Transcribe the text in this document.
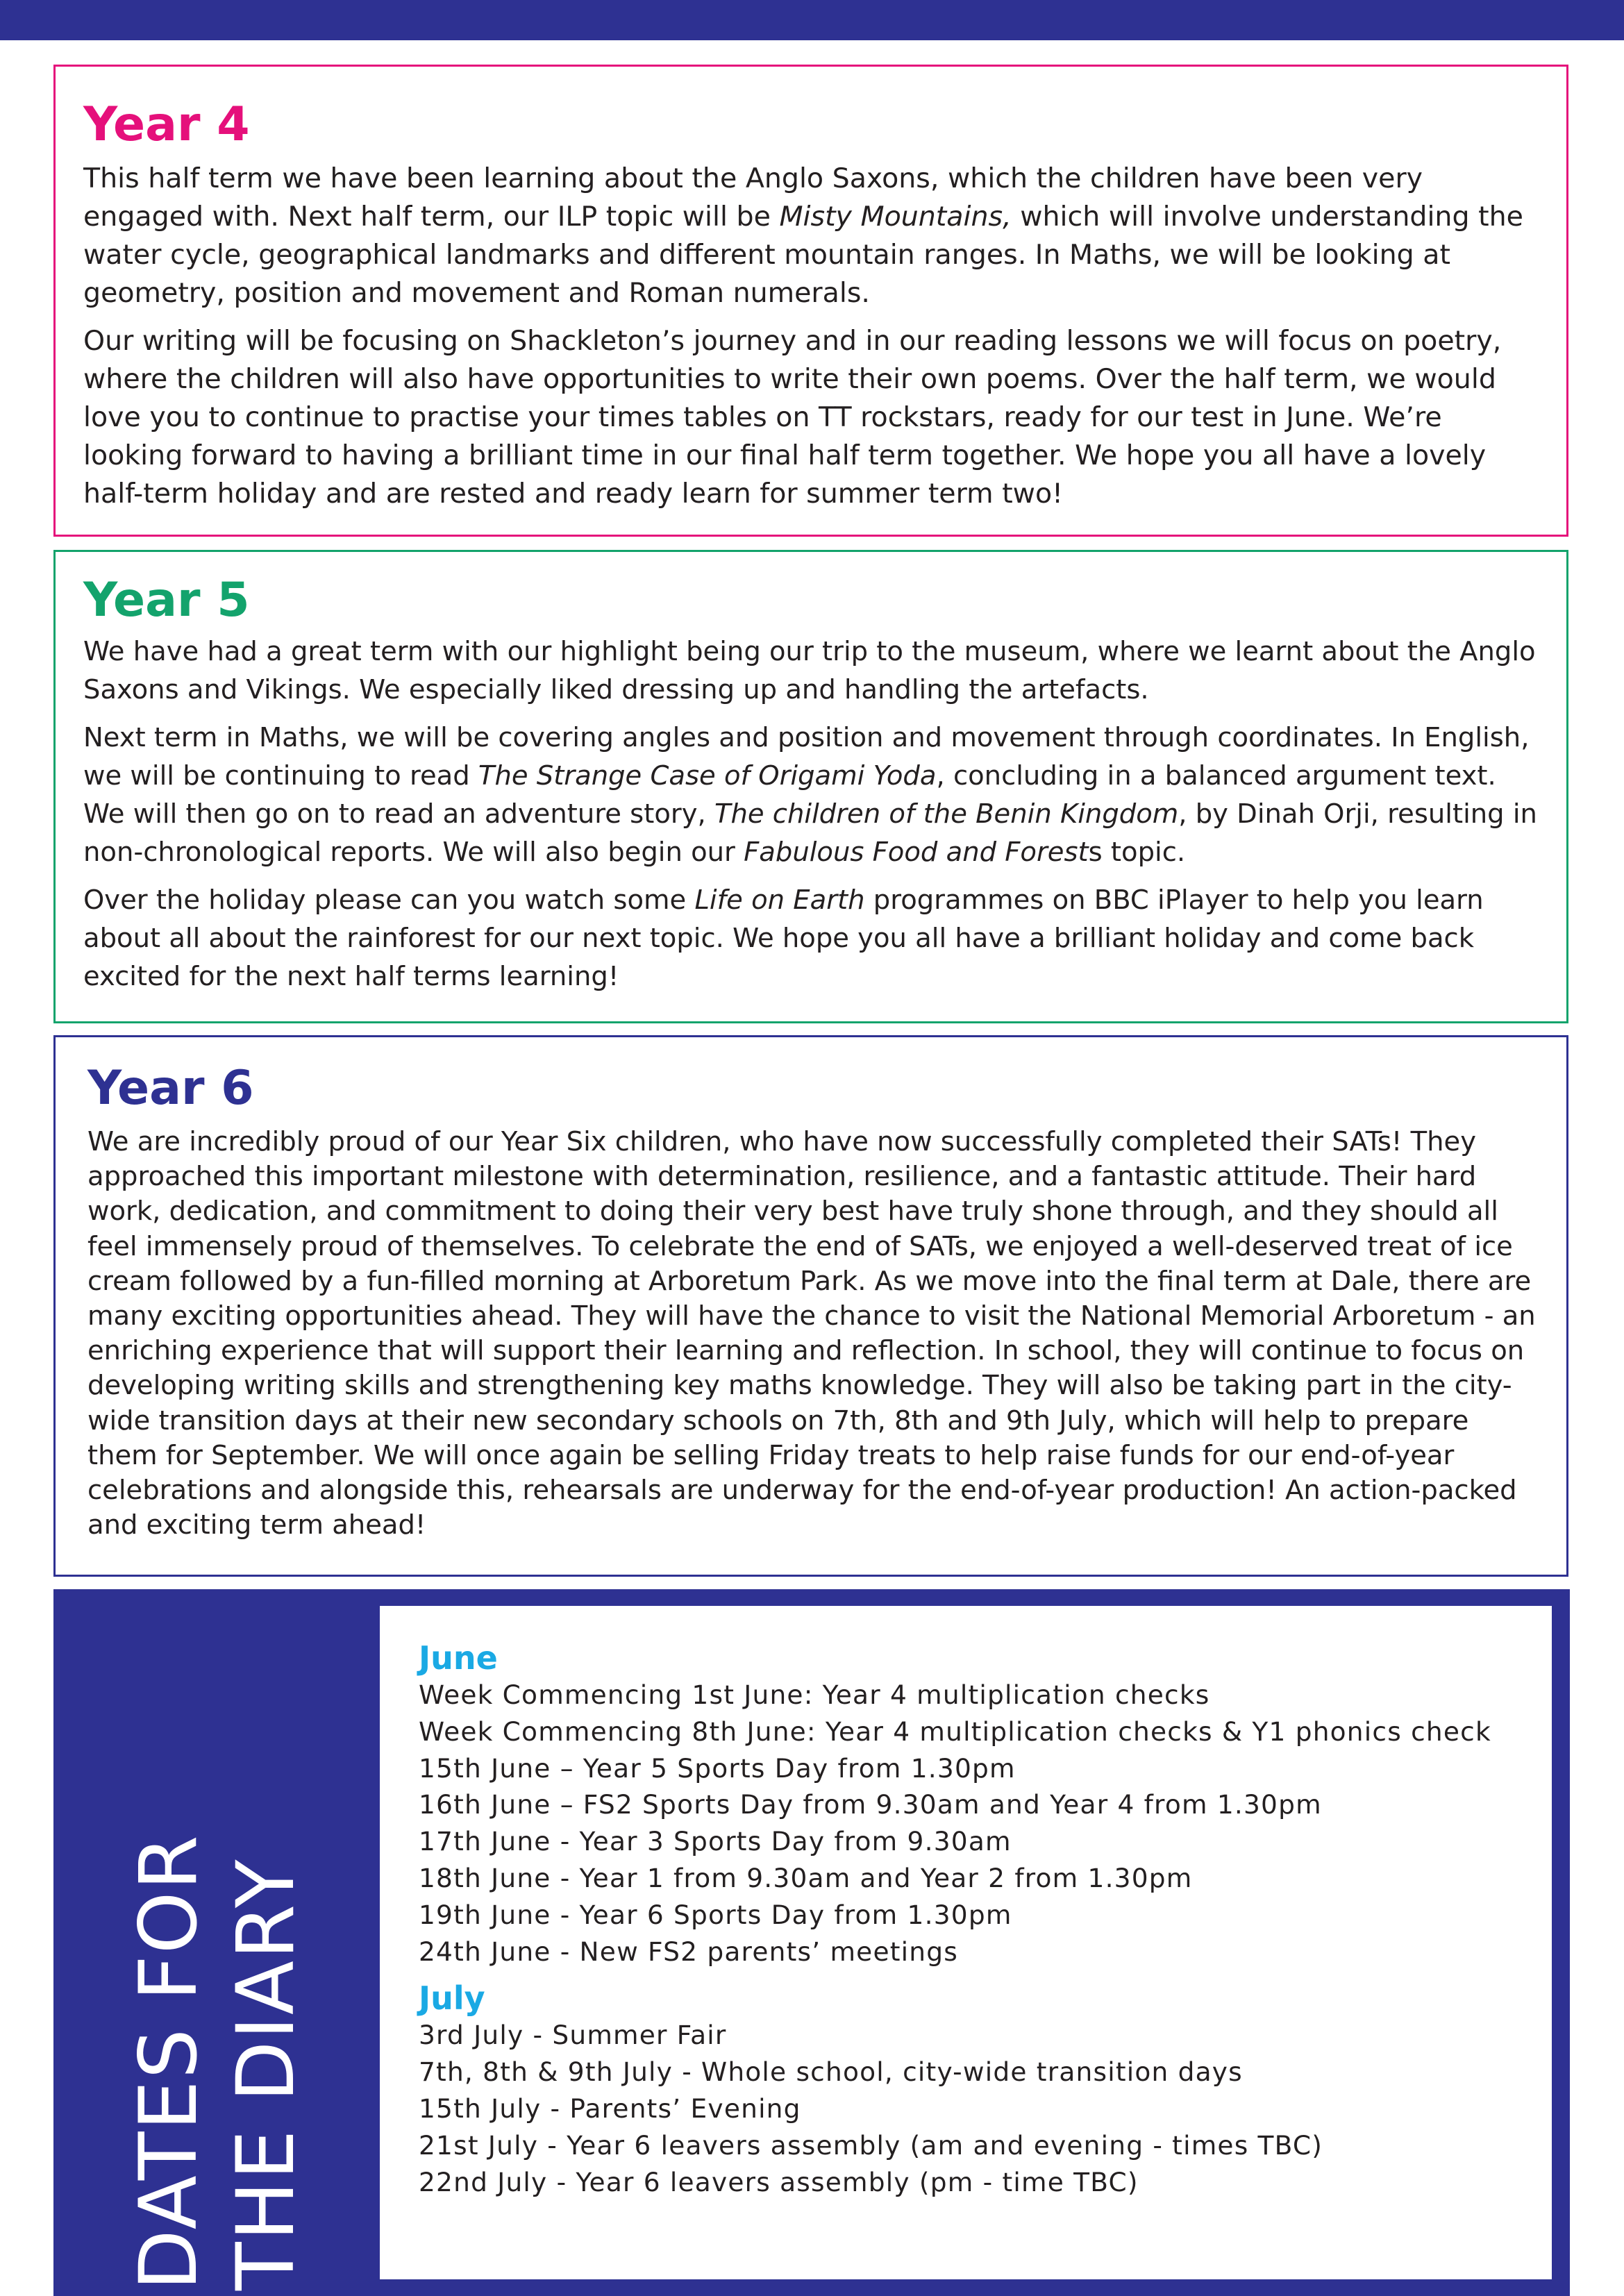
Year 4

This half term we have been learning about the Anglo Saxons, which the children have been very engaged with. Next half term, our ILP topic will be Misty Mountains, which will involve understanding the water cycle, geographical landmarks and different mountain ranges. In Maths, we will be looking at geometry, position and movement and Roman numerals.

Our writing will be focusing on Shackleton’s journey and in our reading lessons we will focus on poetry, where the children will also have opportunities to write their own poems. Over the half term, we would love you to continue to practise your times tables on TT rockstars, ready for our test in June. We’re looking forward to having a brilliant time in our final half term together. We hope you all have a lovely half-term holiday and are rested and ready learn for summer term two!

Year 5

We have had a great term with our highlight being our trip to the museum, where we learnt about the Anglo Saxons and Vikings. We especially liked dressing up and handling the artefacts.

Next term in Maths, we will be covering angles and position and movement through coordinates. In English, we will be continuing to read The Strange Case of Origami Yoda, concluding in a balanced argument text. We will then go on to read an adventure story, The children of the Benin Kingdom, by Dinah Orji, resulting in non-chronological reports. We will also begin our Fabulous Food and Forests topic.

Over the holiday please can you watch some Life on Earth programmes on BBC iPlayer to help you learn about all about the rainforest for our next topic. We hope you all have a brilliant holiday and come back excited for the next half terms learning!

Year 6

We are incredibly proud of our Year Six children, who have now successfully completed their SATs! They approached this important milestone with determination, resilience, and a fantastic attitude. Their hard work, dedication, and commitment to doing their very best have truly shone through, and they should all feel immensely proud of themselves. To celebrate the end of SATs, we enjoyed a well-deserved treat of ice cream followed by a fun-filled morning at Arboretum Park. As we move into the final term at Dale, there are many exciting opportunities ahead. They will have the chance to visit the National Memorial Arboretum - an enriching experience that will support their learning and reflection. In school, they will continue to focus on developing writing skills and strengthening key maths knowledge. They will also be taking part in the city-wide transition days at their new secondary schools on 7th, 8th and 9th July, which will help to prepare them for September. We will once again be selling Friday treats to help raise funds for our end-of-year celebrations and alongside this, rehearsals are underway for the end-of-year production! An action-packed and exciting term ahead!

DATES FOR THE DIARY
June
Week Commencing 1st June: Year 4 multiplication checks
Week Commencing 8th June: Year 4 multiplication checks & Y1 phonics check
15th June – Year 5 Sports Day from 1.30pm
16th June – FS2 Sports Day from 9.30am and Year 4 from 1.30pm
17th June - Year 3 Sports Day from 9.30am
18th June - Year 1 from 9.30am and Year 2 from 1.30pm
19th June - Year 6 Sports Day from 1.30pm
24th June - New FS2 parents’ meetings
July
3rd July - Summer Fair
7th, 8th & 9th July - Whole school, city-wide transition days
15th July - Parents’ Evening
21st July - Year 6 leavers assembly (am and evening - times TBC)
22nd July - Year 6 leavers assembly (pm - time TBC)
